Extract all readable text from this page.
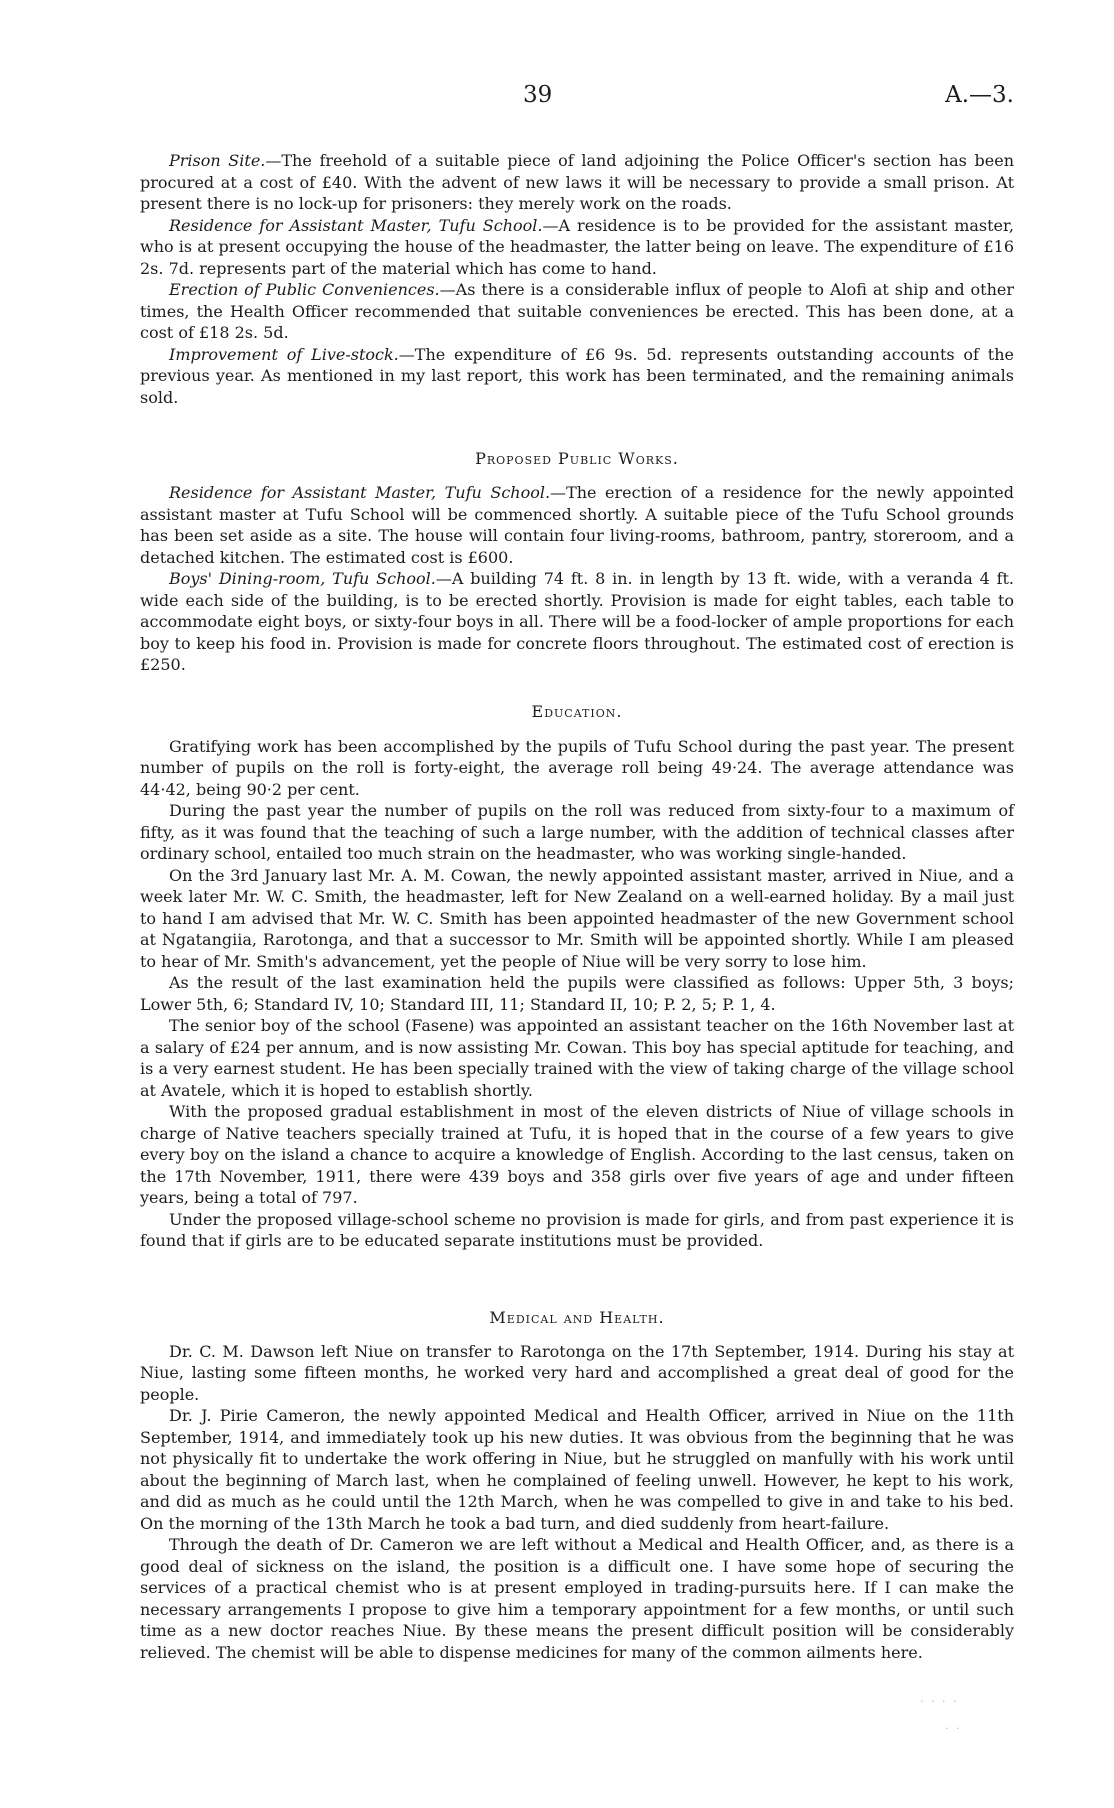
39	A.—3.

Prison Site.—The freehold of a suitable piece of land adjoining the Police Officer's section has been procured at a cost of £40. With the advent of new laws it will be necessary to provide a small prison. At present there is no lock-up for prisoners: they merely work on the roads.

Residence for Assistant Master, Tufu School.—A residence is to be provided for the assistant master, who is at present occupying the house of the headmaster, the latter being on leave. The expenditure of £16 2s. 7d. represents part of the material which has come to hand.

Erection of Public Conveniences.—As there is a considerable influx of people to Alofi at ship and other times, the Health Officer recommended that suitable conveniences be erected. This has been done, at a cost of £18 2s. 5d.

Improvement of Live-stock.—The expenditure of £6 9s. 5d. represents outstanding accounts of the previous year. As mentioned in my last report, this work has been terminated, and the remaining animals sold.

Proposed Public Works.

Residence for Assistant Master, Tufu School.—The erection of a residence for the newly appointed assistant master at Tufu School will be commenced shortly. A suitable piece of the Tufu School grounds has been set aside as a site. The house will contain four living-rooms, bathroom, pantry, storeroom, and a detached kitchen. The estimated cost is £600.

Boys' Dining-room, Tufu School.—A building 74 ft. 8 in. in length by 13 ft. wide, with a veranda 4 ft. wide each side of the building, is to be erected shortly. Provision is made for eight tables, each table to accommodate eight boys, or sixty-four boys in all. There will be a food-locker of ample proportions for each boy to keep his food in. Provision is made for concrete floors throughout. The estimated cost of erection is £250.

Education.

Gratifying work has been accomplished by the pupils of Tufu School during the past year. The present number of pupils on the roll is forty-eight, the average roll being 49·24. The average attendance was 44·42, being 90·2 per cent.

During the past year the number of pupils on the roll was reduced from sixty-four to a maximum of fifty, as it was found that the teaching of such a large number, with the addition of technical classes after ordinary school, entailed too much strain on the headmaster, who was working single-handed.

On the 3rd January last Mr. A. M. Cowan, the newly appointed assistant master, arrived in Niue, and a week later Mr. W. C. Smith, the headmaster, left for New Zealand on a well-earned holiday. By a mail just to hand I am advised that Mr. W. C. Smith has been appointed headmaster of the new Government school at Ngatangiia, Rarotonga, and that a successor to Mr. Smith will be appointed shortly. While I am pleased to hear of Mr. Smith's advancement, yet the people of Niue will be very sorry to lose him.

As the result of the last examination held the pupils were classified as follows: Upper 5th, 3 boys; Lower 5th, 6; Standard IV, 10; Standard III, 11; Standard II, 10; P. 2, 5; P. 1, 4.

The senior boy of the school (Fasene) was appointed an assistant teacher on the 16th November last at a salary of £24 per annum, and is now assisting Mr. Cowan. This boy has special aptitude for teaching, and is a very earnest student. He has been specially trained with the view of taking charge of the village school at Avatele, which it is hoped to establish shortly.

With the proposed gradual establishment in most of the eleven districts of Niue of village schools in charge of Native teachers specially trained at Tufu, it is hoped that in the course of a few years to give every boy on the island a chance to acquire a knowledge of English. According to the last census, taken on the 17th November, 1911, there were 439 boys and 358 girls over five years of age and under fifteen years, being a total of 797.

Under the proposed village-school scheme no provision is made for girls, and from past experience it is found that if girls are to be educated separate institutions must be provided.

Medical and Health.

Dr. C. M. Dawson left Niue on transfer to Rarotonga on the 17th September, 1914. During his stay at Niue, lasting some fifteen months, he worked very hard and accomplished a great deal of good for the people.

Dr. J. Pirie Cameron, the newly appointed Medical and Health Officer, arrived in Niue on the 11th September, 1914, and immediately took up his new duties. It was obvious from the beginning that he was not physically fit to undertake the work offering in Niue, but he struggled on manfully with his work until about the beginning of March last, when he complained of feeling unwell. However, he kept to his work, and did as much as he could until the 12th March, when he was compelled to give in and take to his bed. On the morning of the 13th March he took a bad turn, and died suddenly from heart-failure.

Through the death of Dr. Cameron we are left without a Medical and Health Officer, and, as there is a good deal of sickness on the island, the position is a difficult one. I have some hope of securing the services of a practical chemist who is at present employed in trading-pursuits here. If I can make the necessary arrangements I propose to give him a temporary appointment for a few months, or until such time as a new doctor reaches Niue. By these means the present difficult position will be considerably relieved. The chemist will be able to dispense medicines for many of the common ailments here.

· · · ·
· ·
